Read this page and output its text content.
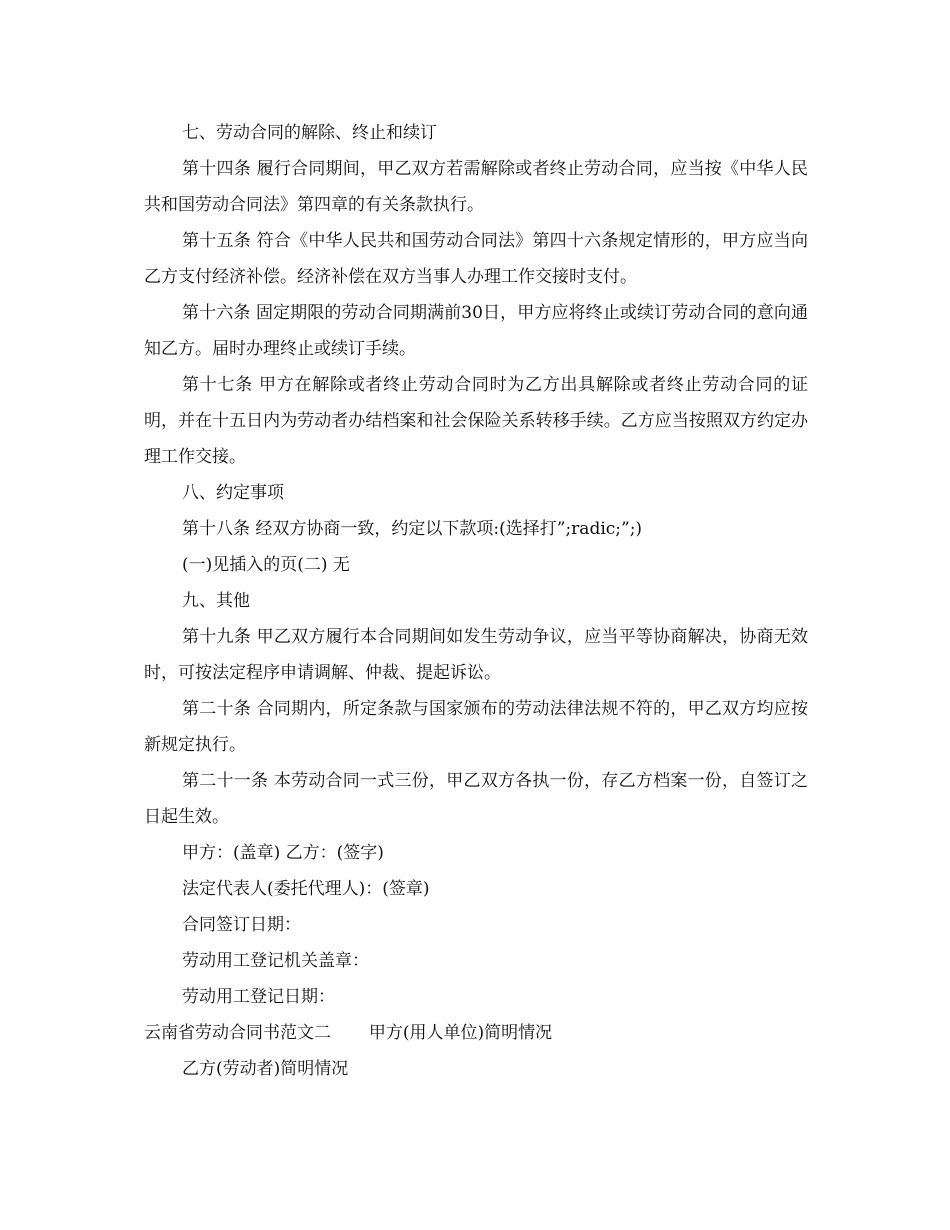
七、劳动合同的解除、终止和续订

第十四条 履行合同期间，甲乙双方若需解除或者终止劳动合同，应当按《中华人民共和国劳动合同法》第四章的有关条款执行。

第十五条 符合《中华人民共和国劳动合同法》第四十六条规定情形的，甲方应当向乙方支付经济补偿。经济补偿在双方当事人办理工作交接时支付。

第十六条 固定期限的劳动合同期满前30日，甲方应将终止或续订劳动合同的意向通知乙方。届时办理终止或续订手续。

第十七条 甲方在解除或者终止劳动合同时为乙方出具解除或者终止劳动合同的证明，并在十五日内为劳动者办结档案和社会保险关系转移手续。乙方应当按照双方约定办理工作交接。

八、约定事项

第十八条 经双方协商一致，约定以下款项:(选择打”;radic;”;)

(一)见插入的页(二) 无

九、其他

第十九条 甲乙双方履行本合同期间如发生劳动争议，应当平等协商解决，协商无效时，可按法定程序申请调解、仲裁、提起诉讼。

第二十条 合同期内，所定条款与国家颁布的劳动法律法规不符的，甲乙双方均应按新规定执行。

第二十一条 本劳动合同一式三份，甲乙双方各执一份，存乙方档案一份，自签订之日起生效。

甲方：(盖章) 乙方：(签字)

法定代表人(委托代理人)：(签章)

合同签订日期：

劳动用工登记机关盖章：

劳动用工登记日期：

云南省劳动合同书范文二       甲方(用人单位)简明情况

乙方(劳动者)简明情况
